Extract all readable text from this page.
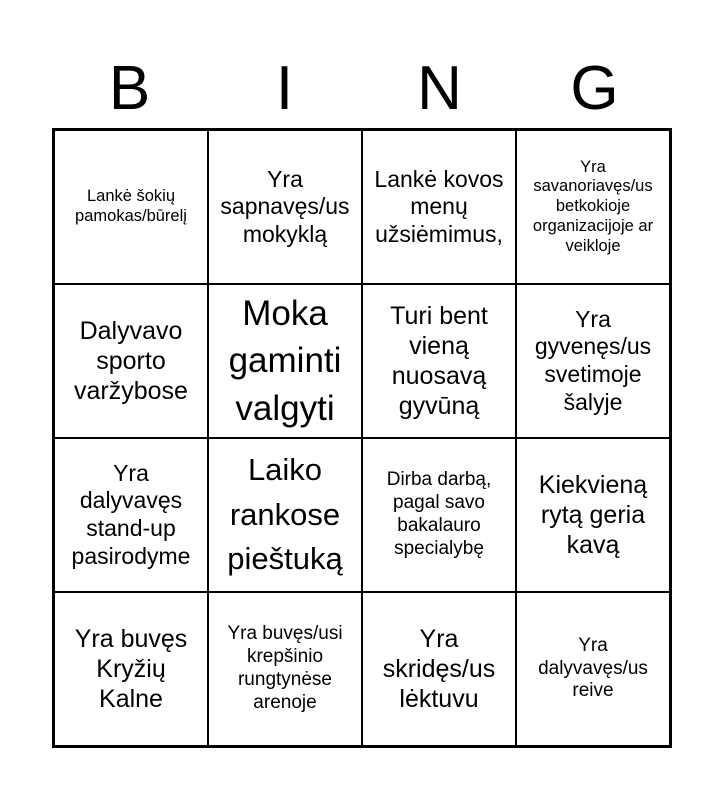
B	I	N	G
Lankė šokių pamokas/būrelį
Yra sapnavęs/us mokyklą
Lankė kovos menų užsiėmimus,
Yra savanoriavęs/us betkokioje organizacijoje ar veikloje
Dalyvavo sporto varžybose
Moka gaminti valgyti
Turi bent vieną nuosavą gyvūną
Yra gyvenęs/us svetimoje šalyje
Yra dalyvavęs stand-up pasirodyme
Laiko rankose pieštuką
Dirba darbą, pagal savo bakalauro specialybę
Kiekvieną rytą geria kavą
Yra buvęs Kryžių Kalne
Yra buvęs/usi krepšinio rungtynėse arenoje
Yra skridęs/us lėktuvu
Yra dalyvavęs/us reive
